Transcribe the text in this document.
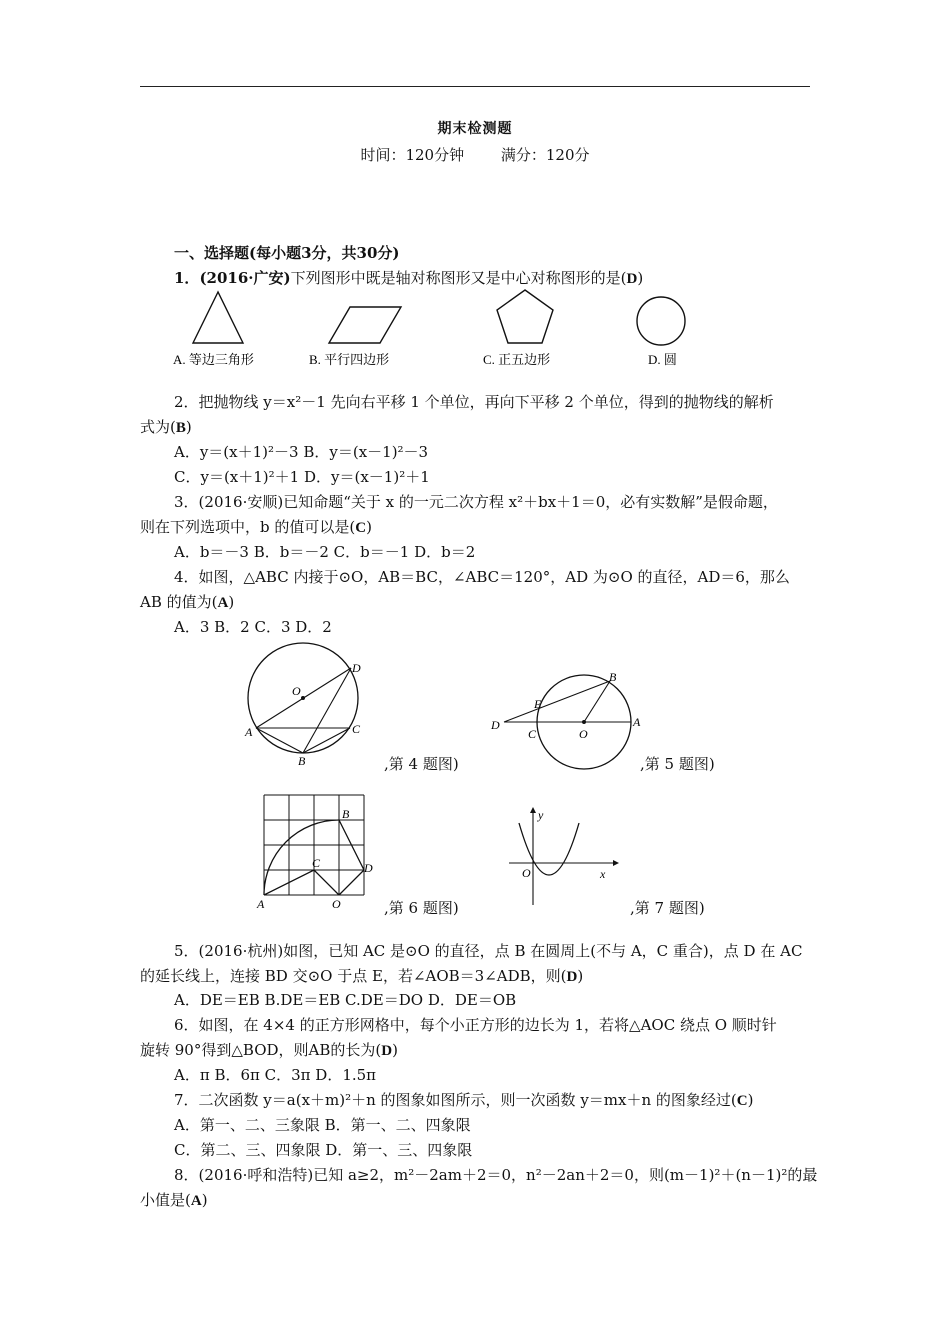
期末检测题
时间：120分钟 满分：120分
一、选择题(每小题3分，共30分)
1．(2016·广安)下列图形中既是轴对称图形又是中心对称图形的是(D)
A. 等边三角形	B. 平行四边形	C. 正五边形	D. 圆
2．把抛物线 y＝x²－1 先向右平移 1 个单位，再向下平移 2 个单位，得到的抛物线的解析
式为(B)
A．y＝(x＋1)²－3 B．y＝(x－1)²－3
C．y＝(x＋1)²＋1 D．y＝(x－1)²＋1
3．(2016·安顺)已知命题“关于 x 的一元二次方程 x²＋bx＋1＝0，必有实数解”是假命题，
则在下列选项中，b 的值可以是(C)
A．b＝－3 B．b＝－2 C．b＝－1 D．b＝2
4．如图，△ABC 内接于⊙O，AB＝BC，∠ABC＝120°，AD 为⊙O 的直径，AD＝6，那么
AB 的值为(A)
A．3 B．2 C．3 D．2
O
D
A	C
B	,第 4 题图)
D
E
B
A
C	O
,第 5 题图)
A	O
B
C	D
,第 6 题图)
y
x
O
,第 7 题图)
5．(2016·杭州)如图，已知 AC 是⊙O 的直径，点 B 在圆周上(不与 A，C 重合)，点 D 在 AC
的延长线上，连接 BD 交⊙O 于点 E，若∠AOB＝3∠ADB，则(D)
A．DE＝EB B.DE＝EB C.DE＝DO D．DE＝OB
6．如图，在 4×4 的正方形网格中，每个小正方形的边长为 1，若将△AOC 绕点 O 顺时针
旋转 90°得到△BOD，则AB的长为(D)
A．π B．6π C．3π D．1.5π
7．二次函数 y＝a(x＋m)²＋n 的图象如图所示，则一次函数 y＝mx＋n 的图象经过(C)
A．第一、二、三象限 B．第一、二、四象限
C．第二、三、四象限 D．第一、三、四象限
8．(2016·呼和浩特)已知 a≥2，m²－2am＋2＝0，n²－2an＋2＝0，则(m－1)²＋(n－1)²的最
小值是(A)
